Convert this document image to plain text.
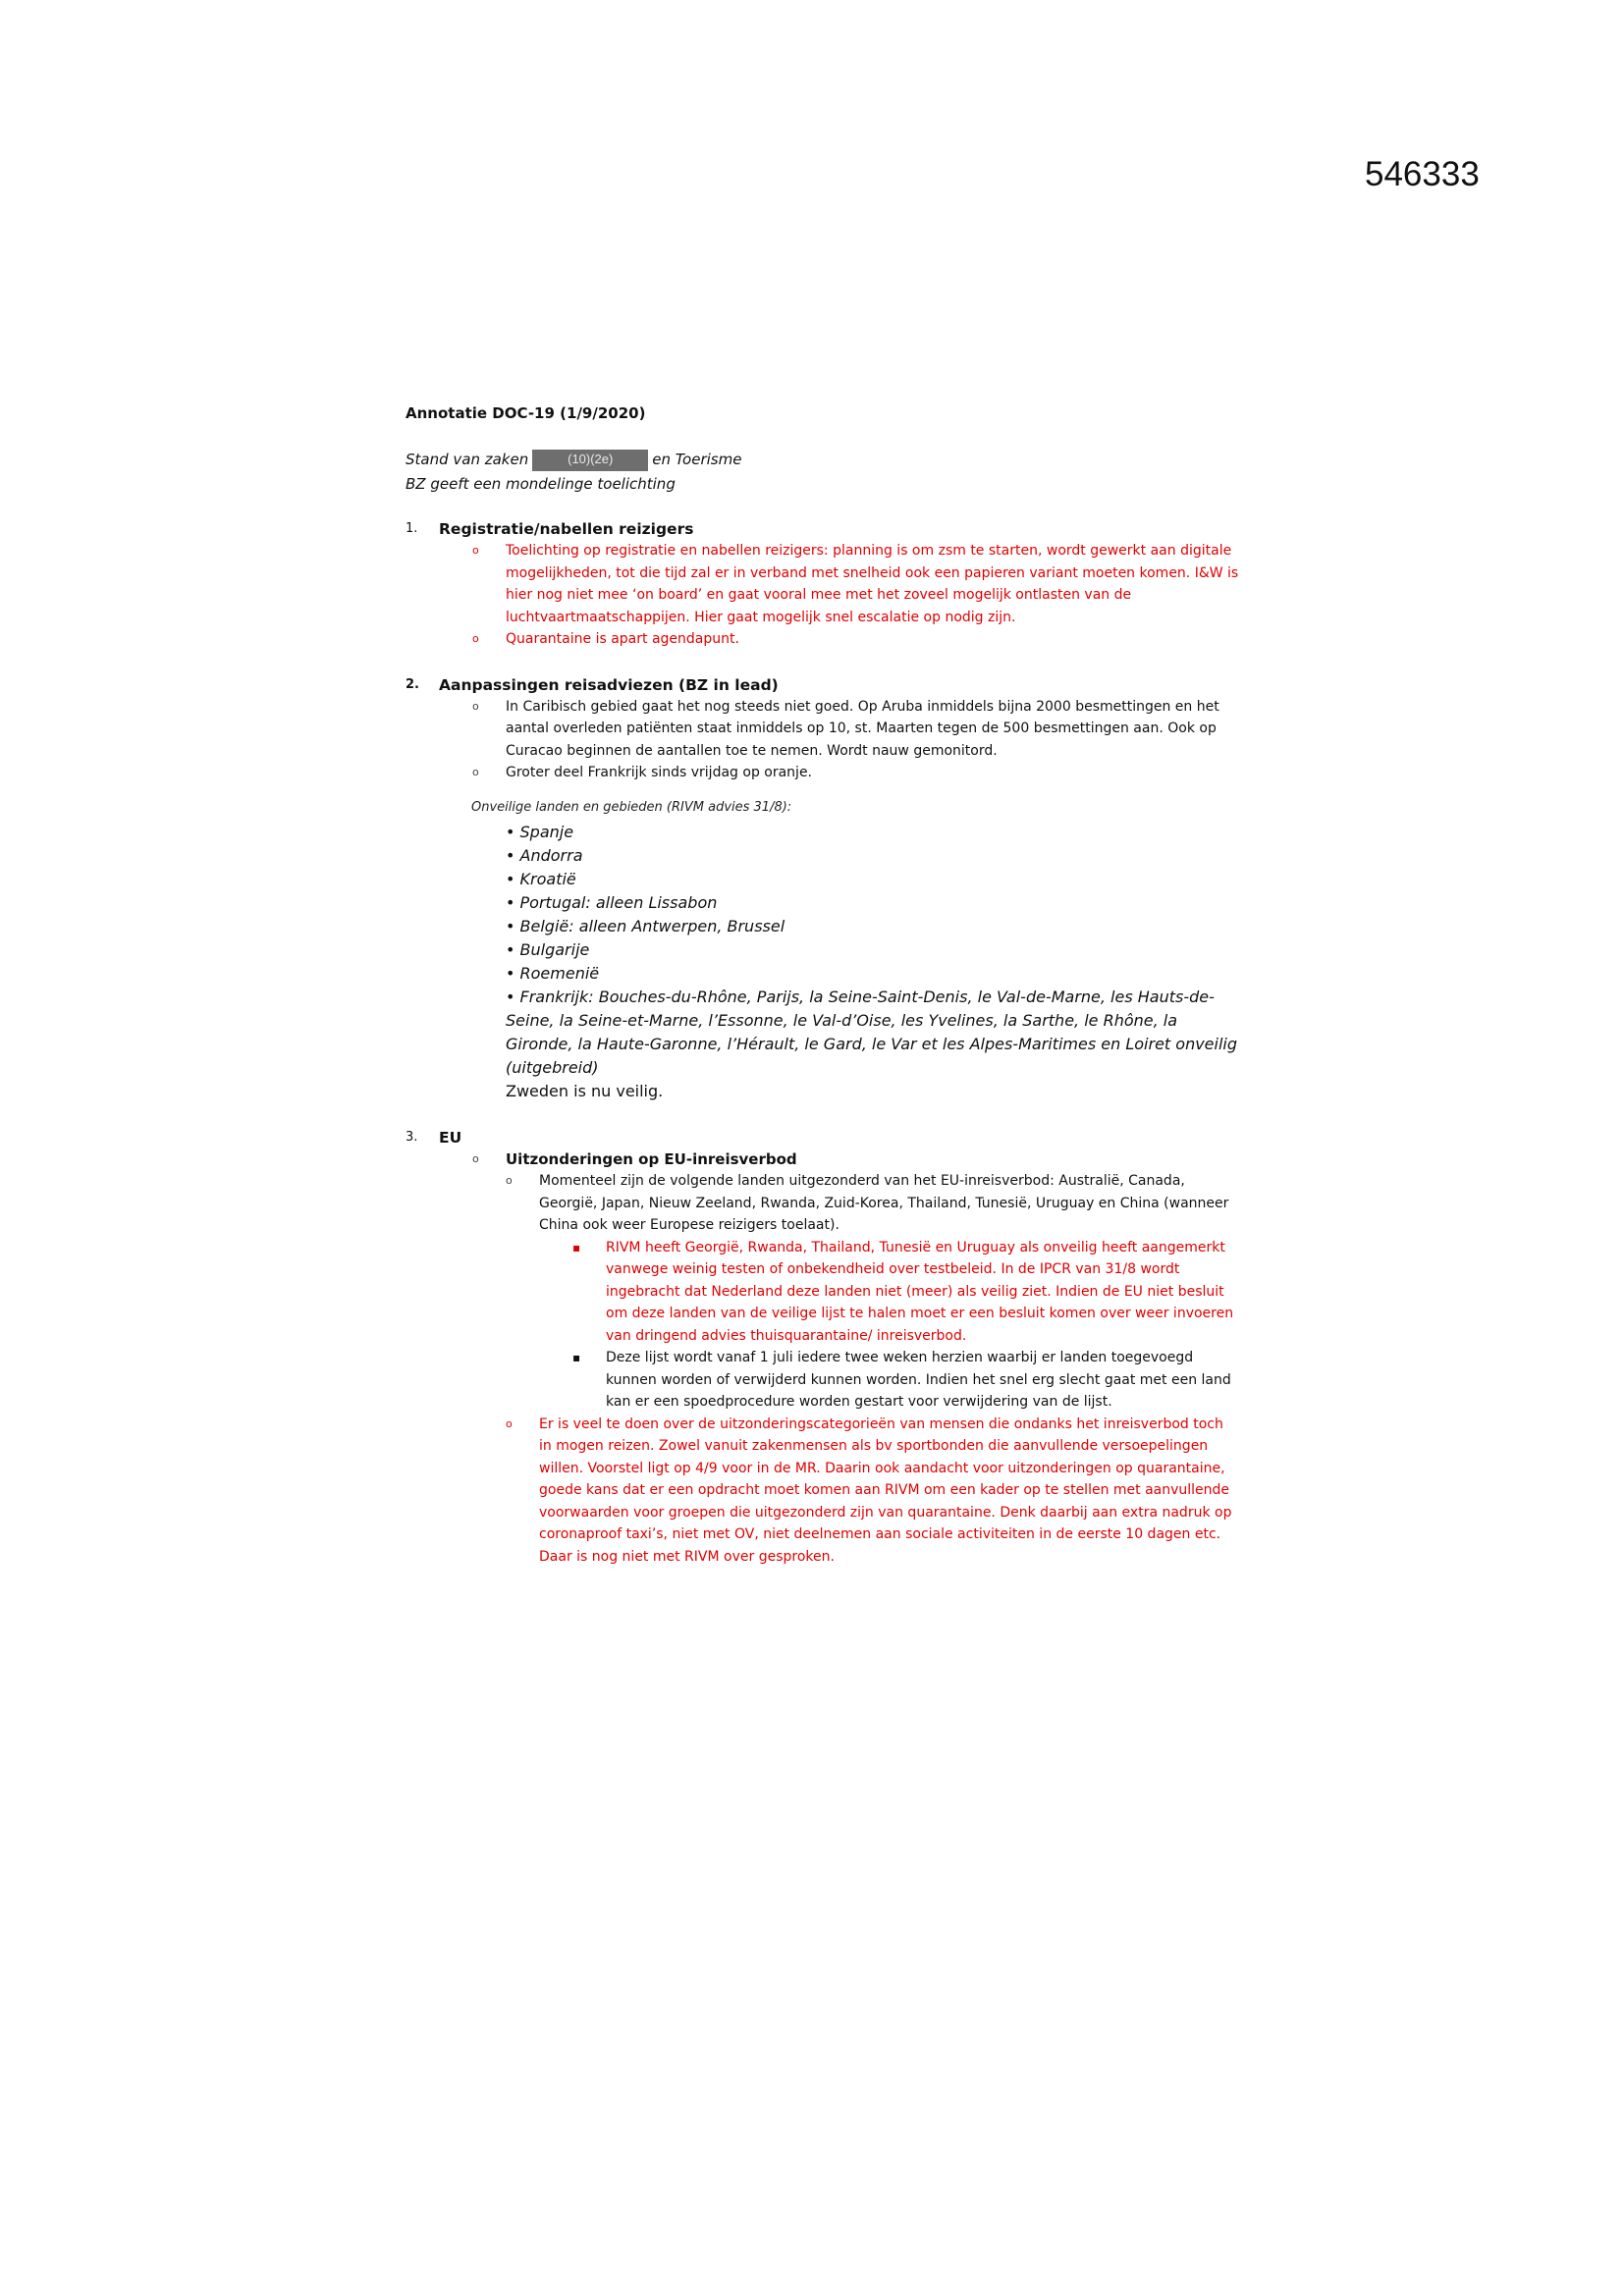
546333
Annotatie DOC-19 (1/9/2020)
Stand van zaken	(10)(2e)	en Toerisme
BZ geeft een mondelinge toelichting
1.	Registratie/nabellen reizigers
o	Toelichting op registratie en nabellen reizigers: planning is om zsm te starten, wordt gewerkt aan digitale mogelijkheden, tot die tijd zal er in verband met snelheid ook een papieren variant moeten komen. I&W is hier nog niet mee ‘on board’ en gaat vooral mee met het zoveel mogelijk ontlasten van de luchtvaartmaatschappijen. Hier gaat mogelijk snel escalatie op nodig zijn.
o	Quarantaine is apart agendapunt.
2.	Aanpassingen reisadviezen (BZ in lead)
o	In Caribisch gebied gaat het nog steeds niet goed. Op Aruba inmiddels bijna 2000 besmettingen en het aantal overleden patiënten staat inmiddels op 10, st. Maarten tegen de 500 besmettingen aan. Ook op Curacao beginnen de aantallen toe te nemen. Wordt nauw gemonitord.
o	Groter deel Frankrijk sinds vrijdag op oranje.
Onveilige landen en gebieden (RIVM advies 31/8):
• Spanje
• Andorra
• Kroatië
• Portugal: alleen Lissabon
• België: alleen Antwerpen, Brussel
• Bulgarije
• Roemenië
• Frankrijk: Bouches-du-Rhône, Parijs, la Seine-Saint-Denis, le Val-de-Marne, les Hauts-de-Seine, la Seine-et-Marne, l’Essonne, le Val-d’Oise, les Yvelines, la Sarthe, le Rhône, la Gironde, la Haute-Garonne, l’Hérault, le Gard, le Var et les Alpes-Maritimes en Loiret onveilig (uitgebreid)
Zweden is nu veilig.
3.	EU
o	Uitzonderingen op EU-inreisverbod
o	Momenteel zijn de volgende landen uitgezonderd van het EU-inreisverbod: Australië, Canada, Georgië, Japan, Nieuw Zeeland, Rwanda, Zuid-Korea, Thailand, Tunesië, Uruguay en China (wanneer China ook weer Europese reizigers toelaat).
▪	RIVM heeft Georgië, Rwanda, Thailand, Tunesië en Uruguay als onveilig heeft aangemerkt vanwege weinig testen of onbekendheid over testbeleid. In de IPCR van 31/8 wordt ingebracht dat Nederland deze landen niet (meer) als veilig ziet. Indien de EU niet besluit om deze landen van de veilige lijst te halen moet er een besluit komen over weer invoeren van dringend advies thuisquarantaine/ inreisverbod.
▪	Deze lijst wordt vanaf 1 juli iedere twee weken herzien waarbij er landen toegevoegd kunnen worden of verwijderd kunnen worden. Indien het snel erg slecht gaat met een land kan er een spoedprocedure worden gestart voor verwijdering van de lijst.
o	Er is veel te doen over de uitzonderingscategorieën van mensen die ondanks het inreisverbod toch in mogen reizen. Zowel vanuit zakenmensen als bv sportbonden die aanvullende versoepelingen willen. Voorstel ligt op 4/9 voor in de MR. Daarin ook aandacht voor uitzonderingen op quarantaine, goede kans dat er een opdracht moet komen aan RIVM om een kader op te stellen met aanvullende voorwaarden voor groepen die uitgezonderd zijn van quarantaine. Denk daarbij aan extra nadruk op coronaproof taxi’s, niet met OV, niet deelnemen aan sociale activiteiten in de eerste 10 dagen etc. Daar is nog niet met RIVM over gesproken.
